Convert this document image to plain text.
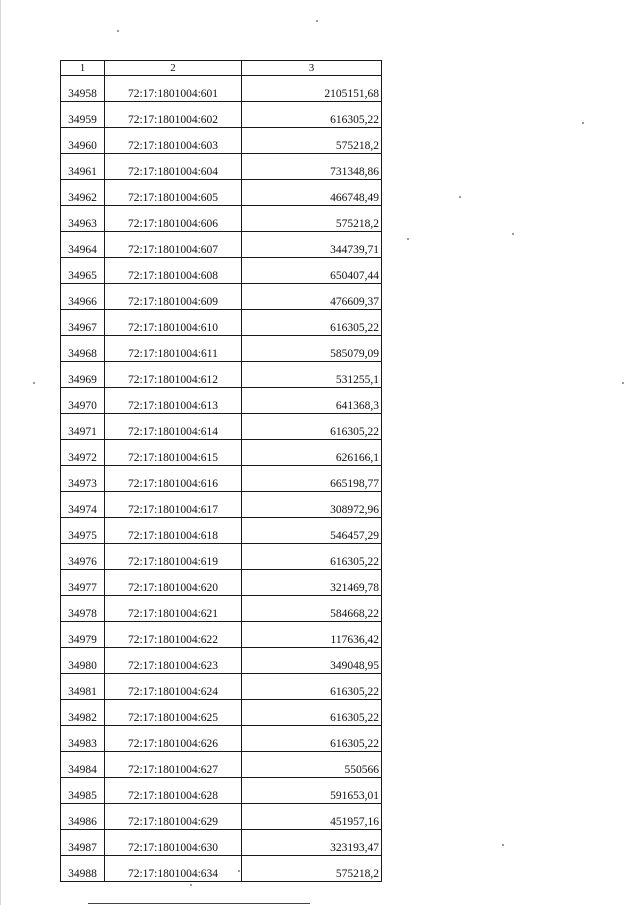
1	2	3
34958	72:17:1801004:601	2105151,68
34959	72:17:1801004:602	616305,22
34960	72:17:1801004:603	575218,2
34961	72:17:1801004:604	731348,86
34962	72:17:1801004:605	466748,49
34963	72:17:1801004:606	575218,2
34964	72:17:1801004:607	344739,71
34965	72:17:1801004:608	650407,44
34966	72:17:1801004:609	476609,37
34967	72:17:1801004:610	616305,22
34968	72:17:1801004:611	585079,09
34969	72:17:1801004:612	531255,1
34970	72:17:1801004:613	641368,3
34971	72:17:1801004:614	616305,22
34972	72:17:1801004:615	626166,1
34973	72:17:1801004:616	665198,77
34974	72:17:1801004:617	308972,96
34975	72:17:1801004:618	546457,29
34976	72:17:1801004:619	616305,22
34977	72:17:1801004:620	321469,78
34978	72:17:1801004:621	584668,22
34979	72:17:1801004:622	117636,42
34980	72:17:1801004:623	349048,95
34981	72:17:1801004:624	616305,22
34982	72:17:1801004:625	616305,22
34983	72:17:1801004:626	616305,22
34984	72:17:1801004:627	550566
34985	72:17:1801004:628	591653,01
34986	72:17:1801004:629	451957,16
34987	72:17:1801004:630	323193,47
34988	72:17:1801004:634	575218,2
